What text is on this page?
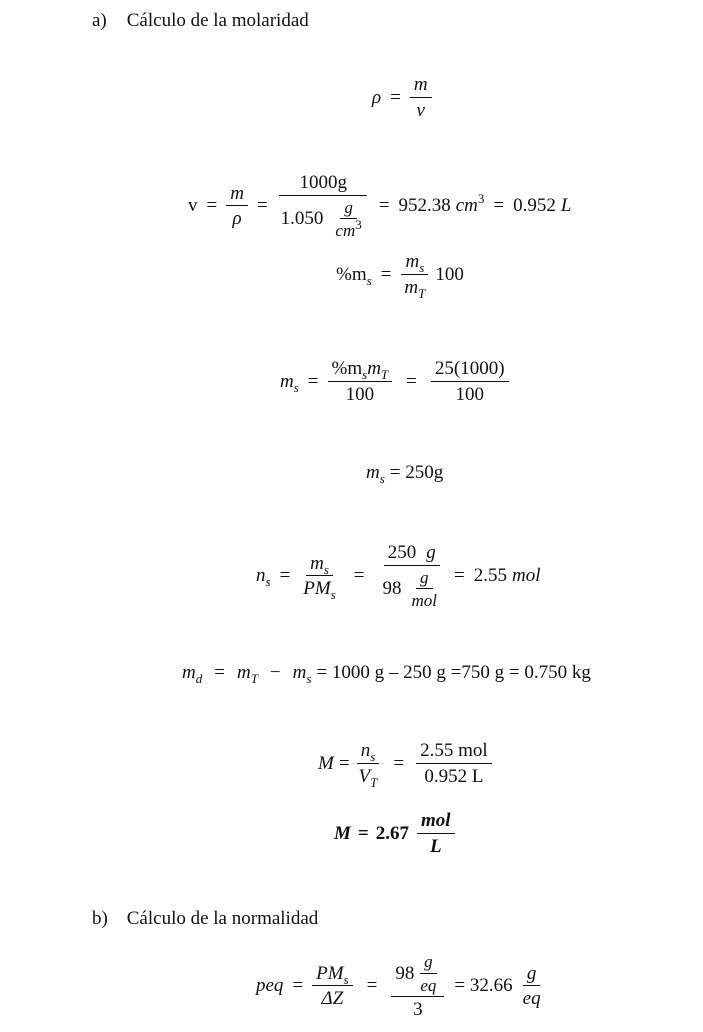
a) Cálculo de la molaridad
$\rho = \frac{m}{v}$
$v = \frac{m}{\rho} = \frac{1000g}{1.050 \frac{g}{cm^3}} = 952.38$ cm 3 = 0.952 L
$\%m_s = \frac{m_s}{m_T} 100$
$m_s = \frac{\%m_sm_T}{100} = \frac{25(1000)}{100}$
$m_s = 250g$
$n_s = \frac{m_s}{PM_s} = \frac{250 g}{98 \frac{g}{\text{mol}}} = 2.55$ mol
$m_d = m_T - m_s = 1000$ g – 250 g =750 g = 0.750 kg
$M = \frac{n_s}{V_T} = \frac{\text{2.55 mol}}{0.952 L}$
$M = 2.67 \frac{\text{mol}}{L}$
b) Cálculo de la normalidad
peq = $\frac{PM_s}{\Delta Z} = \frac{98 \frac{g}{eq}}{3} = 32.66 \frac{g}{eq}$
